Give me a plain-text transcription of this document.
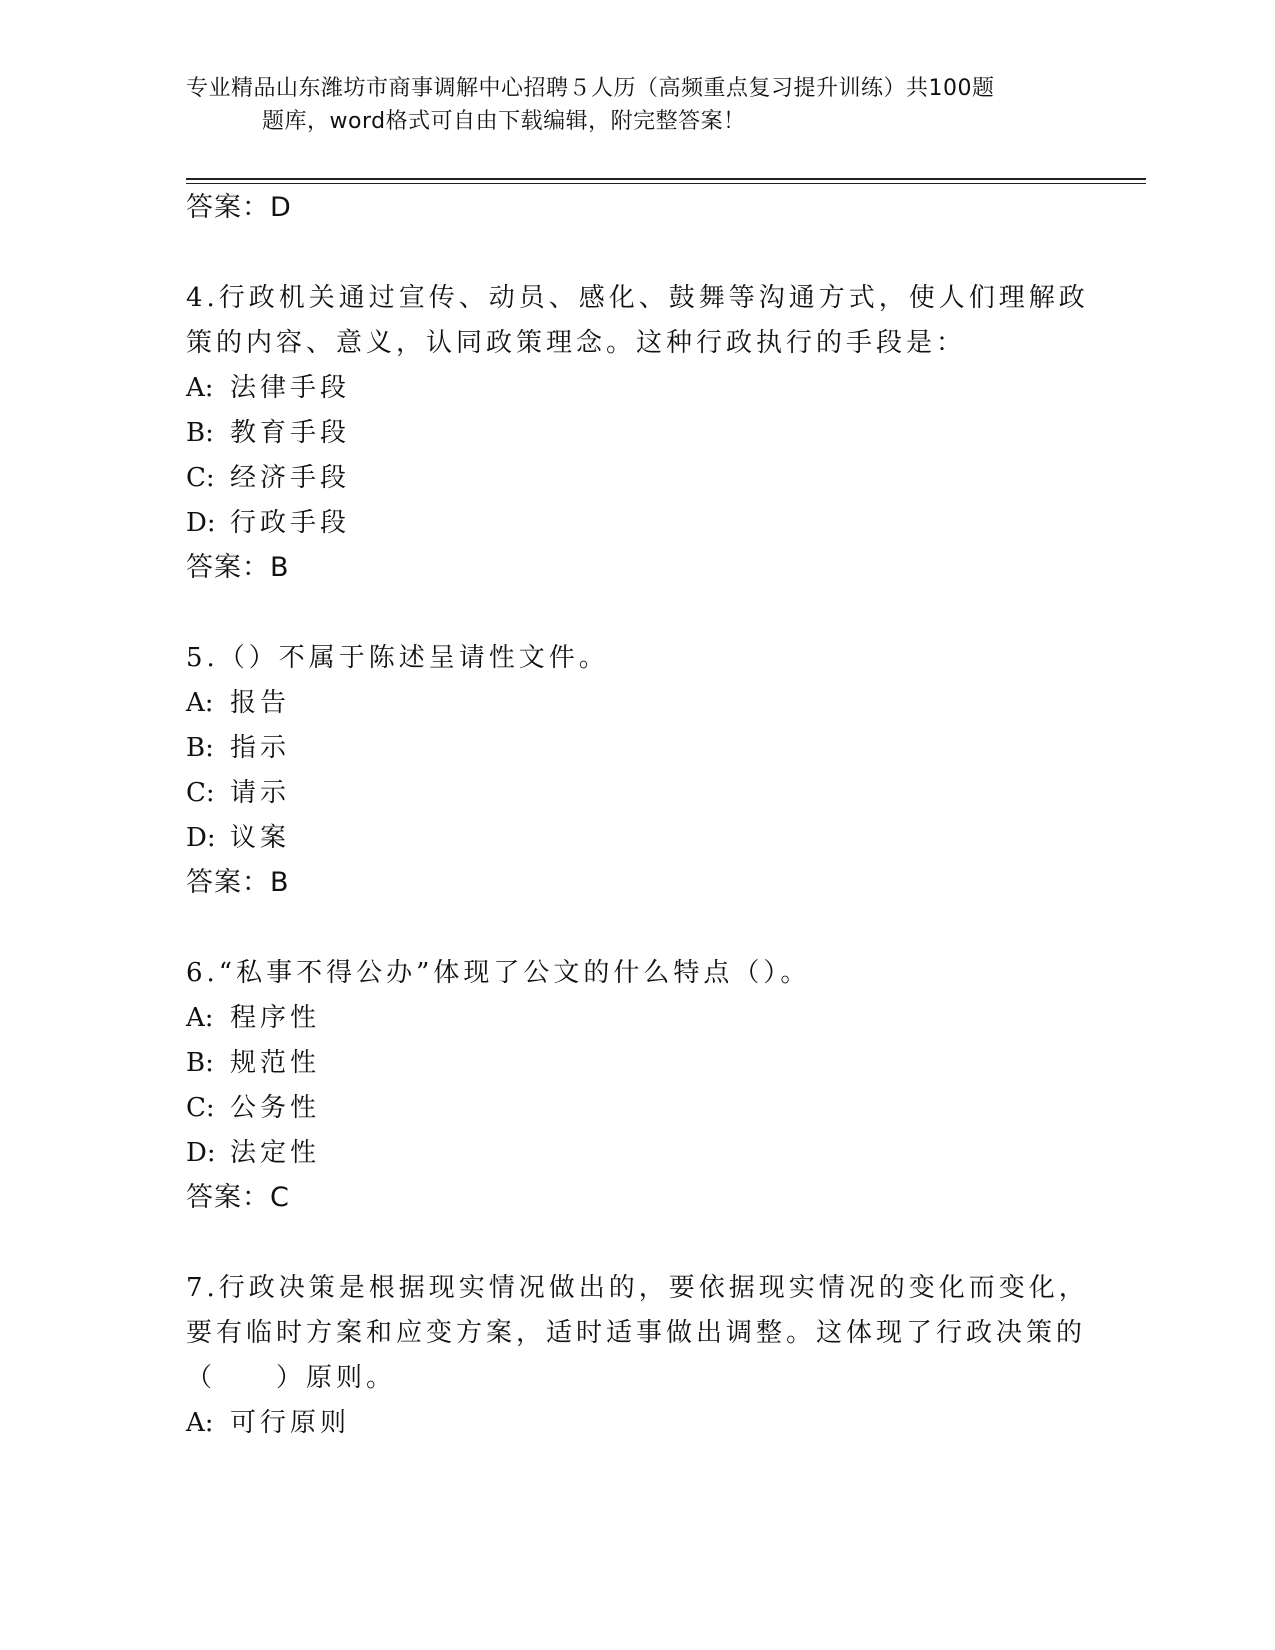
专业精品山东潍坊市商事调解中心招聘５人历（高频重点复习提升训练）共100题
题库，word格式可自由下载编辑，附完整答案！
答案：D
4.行政机关通过宣传、动员、感化、鼓舞等沟通方式，使人们理解政
策的内容、意义，认同政策理念。这种行政执行的手段是：
A: 法律手段
B: 教育手段
C: 经济手段
D: 行政手段
答案：B
5.（）不属于陈述呈请性文件。
A: 报告
B: 指示
C: 请示
D: 议案
答案：B
6.“私事不得公办”体现了公文的什么特点（）。
A: 程序性
B: 规范性
C: 公务性
D: 法定性
答案：C
7.行政决策是根据现实情况做出的，要依据现实情况的变化而变化，
要有临时方案和应变方案，适时适事做出调整。这体现了行政决策的
（　　）原则。
A: 可行原则
